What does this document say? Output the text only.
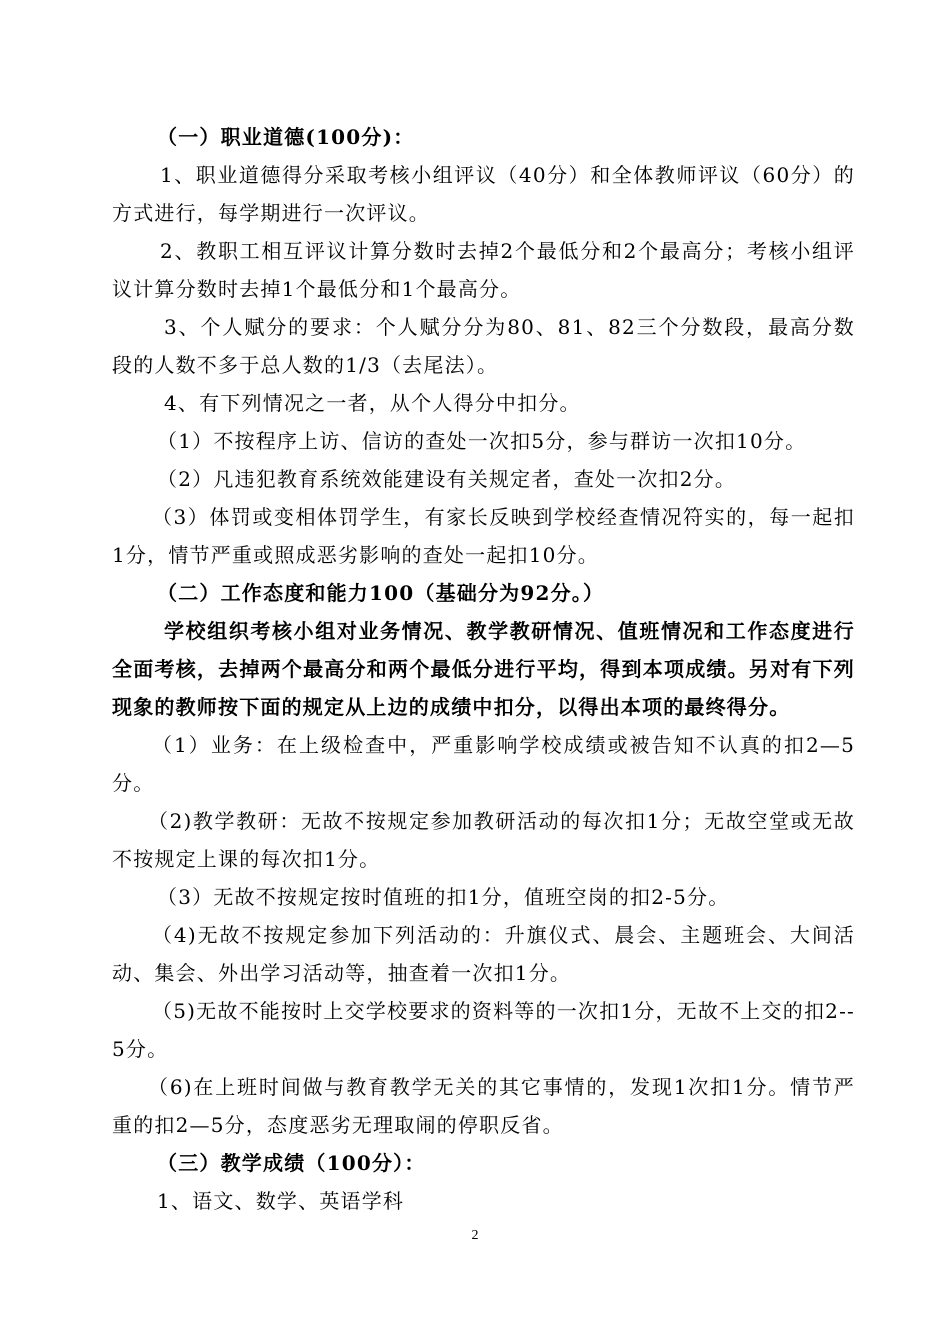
（一）职业道德(100分)：

1、职业道德得分采取考核小组评议（40分）和全体教师评议（60分）的方式进行，每学期进行一次评议。

2、教职工相互评议计算分数时去掉2个最低分和2个最高分；考核小组评议计算分数时去掉1个最低分和1个最高分。

3、个人赋分的要求：个人赋分分为80、81、82三个分数段，最高分数段的人数不多于总人数的1/3（去尾法）。

4、有下列情况之一者，从个人得分中扣分。

（1）不按程序上访、信访的查处一次扣5分，参与群访一次扣10分。

（2）凡违犯教育系统效能建设有关规定者，查处一次扣2分。

（3）体罚或变相体罚学生，有家长反映到学校经查情况符实的，每一起扣1分，情节严重或照成恶劣影响的查处一起扣10分。

（二）工作态度和能力100（基础分为92分。）

学校组织考核小组对业务情况、教学教研情况、值班情况和工作态度进行全面考核，去掉两个最高分和两个最低分进行平均，得到本项成绩。另对有下列现象的教师按下面的规定从上边的成绩中扣分，以得出本项的最终得分。

（1）业务：在上级检查中，严重影响学校成绩或被告知不认真的扣2—5分。

（2)教学教研：无故不按规定参加教研活动的每次扣1分；无故空堂或无故不按规定上课的每次扣1分。

（3）无故不按规定按时值班的扣1分，值班空岗的扣2-5分。

（4)无故不按规定参加下列活动的：升旗仪式、晨会、主题班会、大间活动、集会、外出学习活动等，抽查着一次扣1分。

（5)无故不能按时上交学校要求的资料等的一次扣1分，无故不上交的扣2--5分。

（6)在上班时间做与教育教学无关的其它事情的，发现1次扣1分。情节严重的扣2—5分，态度恶劣无理取闹的停职反省。

（三）教学成绩（100分）：

1、语文、数学、英语学科

2
